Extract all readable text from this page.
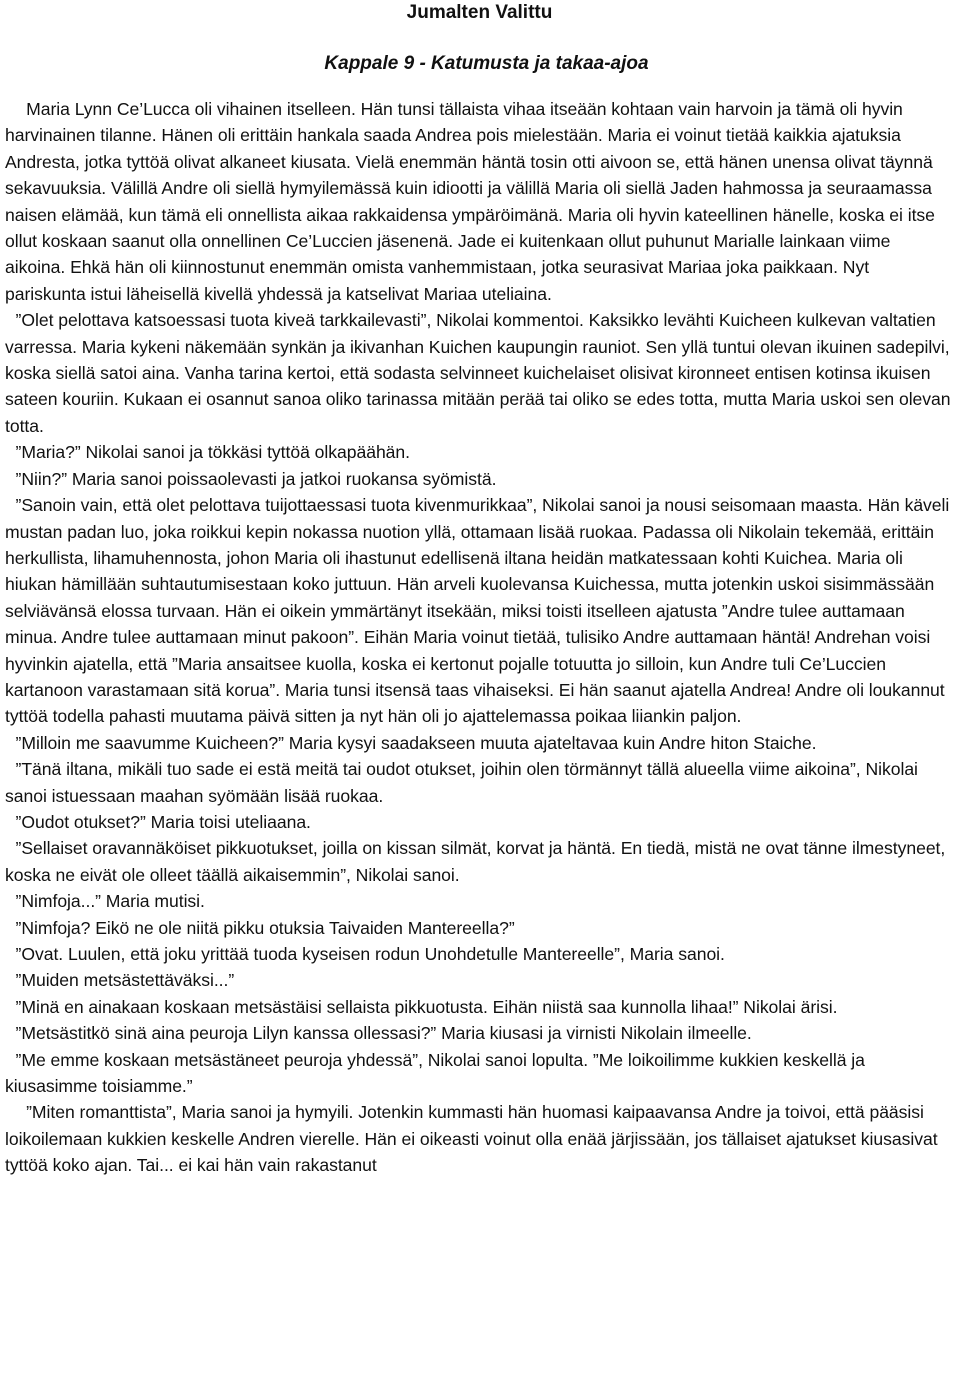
Jumalten Valittu
Kappale 9 - Katumusta ja takaa-ajoa

Maria Lynn Ce’Lucca oli vihainen itselleen. Hän tunsi tällaista vihaa itseään kohtaan vain harvoin ja tämä oli hyvin harvinainen tilanne. Hänen oli erittäin hankala saada Andrea pois mielestään. Maria ei voinut tietää kaikkia ajatuksia Andresta, jotka tyttöä olivat alkaneet kiusata. Vielä enemmän häntä tosin otti aivoon se, että hänen unensa olivat täynnä sekavuuksia. Välillä Andre oli siellä hymyilemässä kuin idiootti ja välillä Maria oli siellä Jaden hahmossa ja seuraamassa naisen elämää, kun tämä eli onnellista aikaa rakkaidensa ympäröimänä. Maria oli hyvin kateellinen hänelle, koska ei itse ollut koskaan saanut olla onnellinen Ce’Luccien jäsenenä. Jade ei kuitenkaan ollut puhunut Marialle lainkaan viime aikoina. Ehkä hän oli kiinnostunut enemmän omista vanhemmistaan, jotka seurasivat Mariaa joka paikkaan. Nyt pariskunta istui läheisellä kivellä yhdessä ja katselivat Mariaa uteliaina.

”Olet pelottava katsoessasi tuota kiveä tarkkailevasti”, Nikolai kommentoi. Kaksikko levähti Kuicheen kulkevan valtatien varressa. Maria kykeni näkemään synkän ja ikivanhan Kuichen kaupungin rauniot. Sen yllä tuntui olevan ikuinen sadepilvi, koska siellä satoi aina. Vanha tarina kertoi, että sodasta selvinneet kuichelaiset olisivat kironneet entisen kotinsa ikuisen sateen kouriin. Kukaan ei osannut sanoa oliko tarinassa mitään perää tai oliko se edes totta, mutta Maria uskoi sen olevan totta.

”Maria?” Nikolai sanoi ja tökkäsi tyttöä olkapäähän.

”Niin?” Maria sanoi poissaolevasti ja jatkoi ruokansa syömistä.

”Sanoin vain, että olet pelottava tuijottaessasi tuota kivenmurikkaa”, Nikolai sanoi ja nousi seisomaan maasta. Hän käveli mustan padan luo, joka roikkui kepin nokassa nuotion yllä, ottamaan lisää ruokaa. Padassa oli Nikolain tekemää, erittäin herkullista, lihamuhennosta, johon Maria oli ihastunut edellisenä iltana heidän matkatessaan kohti Kuichea. Maria oli hiukan hämillään suhtautumisestaan koko juttuun. Hän arveli kuolevansa Kuichessa, mutta jotenkin uskoi sisimmässään selviävänsä elossa turvaan. Hän ei oikein ymmärtänyt itsekään, miksi toisti itselleen ajatusta ”Andre tulee auttamaan minua. Andre tulee auttamaan minut pakoon”. Eihän Maria voinut tietää, tulisiko Andre auttamaan häntä! Andrehan voisi hyvinkin ajatella, että ”Maria ansaitsee kuolla, koska ei kertonut pojalle totuutta jo silloin, kun Andre tuli Ce’Luccien kartanoon varastamaan sitä korua”. Maria tunsi itsensä taas vihaiseksi. Ei hän saanut ajatella Andrea! Andre oli loukannut tyttöä todella pahasti muutama päivä sitten ja nyt hän oli jo ajattelemassa poikaa liiankin paljon.

”Milloin me saavumme Kuicheen?” Maria kysyi saadakseen muuta ajateltavaa kuin Andre hiton Staiche.

”Tänä iltana, mikäli tuo sade ei estä meitä tai oudot otukset, joihin olen törmännyt tällä alueella viime aikoina”, Nikolai sanoi istuessaan maahan syömään lisää ruokaa.

”Oudot otukset?” Maria toisi uteliaana.

”Sellaiset oravannäköiset pikkuotukset, joilla on kissan silmät, korvat ja häntä. En tiedä, mistä ne ovat tänne ilmestyneet, koska ne eivät ole olleet täällä aikaisemmin”, Nikolai sanoi.

”Nimfoja...” Maria mutisi.

”Nimfoja? Eikö ne ole niitä pikku otuksia Taivaiden Mantereella?”

”Ovat. Luulen, että joku yrittää tuoda kyseisen rodun Unohdetulle Mantereelle”, Maria sanoi.

”Muiden metsästettäväksi...”

”Minä en ainakaan koskaan metsästäisi sellaista pikkuotusta. Eihän niistä saa kunnolla lihaa!” Nikolai ärisi.

”Metsästitkö sinä aina peuroja Lilyn kanssa ollessasi?” Maria kiusasi ja virnisti Nikolain ilmeelle.

”Me emme koskaan metsästäneet peuroja yhdessä”, Nikolai sanoi lopulta. ”Me loikoilimme kukkien keskellä ja kiusasimme toisiamme.”

”Miten romanttista”, Maria sanoi ja hymyili. Jotenkin kummasti hän huomasi kaipaavansa Andre ja toivoi, että pääsisi loikoilemaan kukkien keskelle Andren vierelle. Hän ei oikeasti voinut olla enää järjissään, jos tällaiset ajatukset kiusasivat tyttöä koko ajan. Tai... ei kai hän vain rakastanut
